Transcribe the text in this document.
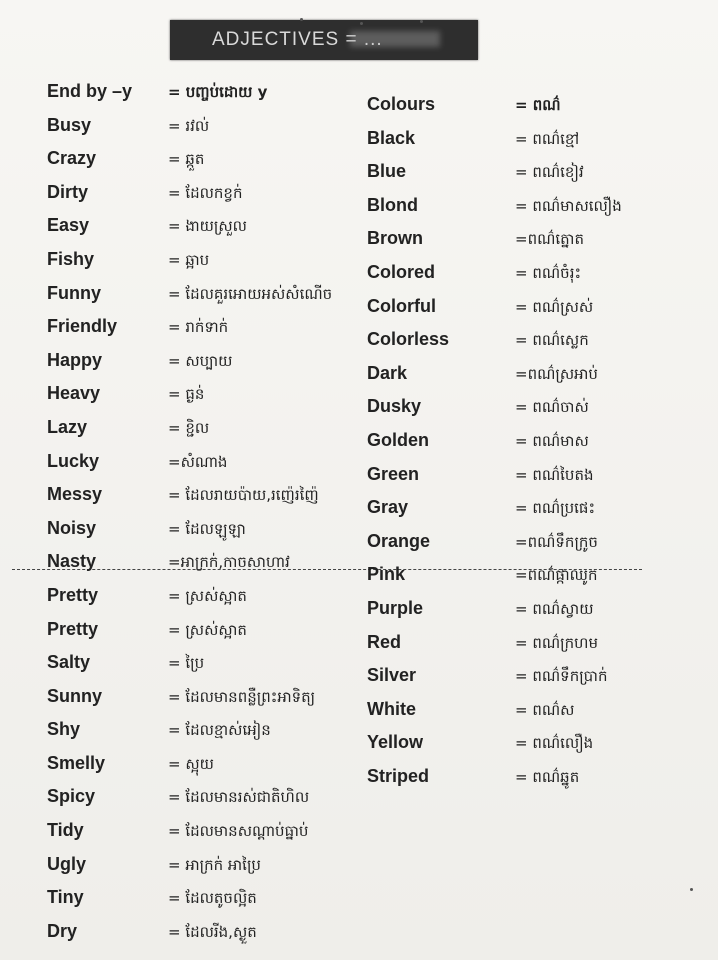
ADJECTIVES = ...
End by –y = បញ្ចប់ដោយ y
Busy	= រវល់
Crazy	= ឆ្កួត
Dirty	= ដែលកខ្វក់
Easy	= ងាយស្រួល
Fishy	= ឆ្អាប
Funny	= ដែលគួរអោយអស់សំណើច
Friendly	= រាក់ទាក់
Happy	= សប្បាយ
Heavy	= ធ្ងន់
Lazy	= ខ្ជិល
Lucky	=សំណាង
Messy	= ដែលរាយប៉ាយ,រញ៉េរញ៉ៃ
Noisy	= ដែលឡូឡា
Nasty	=អាក្រក់,កាចសាហាវ
Pretty	= ស្រស់ស្អាត
Pretty	= ស្រស់ស្អាត
Salty	= ប្រៃ
Sunny	= ដែលមានពន្លឺព្រះអាទិត្យ
Shy	= ដែលខ្មាស់អៀន
Smelly	= ស្អុយ
Spicy	= ដែលមានរស់ជាតិហិល
Tidy	= ដែលមានសណ្តាប់ធ្នាប់
Ugly	= អាក្រក់ អាប្រៃ
Tiny	= ដែលតូចល្អិត
Dry	= ដែលរីង,ស្ងួត
Colours	= ពណ៌
Black	= ពណ៌ខ្មៅ
Blue	= ពណ៌ខៀវ
Blond	= ពណ៌មាសលឿង
Brown	=ពណ៌ត្នោត
Colored	= ពណ៌ចំរុះ
Colorful	= ពណ៌ស្រស់
Colorless	= ពណ៌ស្លេក
Dark	=ពណ៌ស្រអាប់
Dusky	= ពណ៌ចាស់
Golden	= ពណ៌មាស
Green	= ពណ៌បៃតង
Gray	= ពណ៌ប្រផេះ
Orange	=ពណ៌ទឹកក្រូច
Pink	=ពណ៌ផ្កាឈូក
Purple	= ពណ៌ស្វាយ
Red	= ពណ៌ក្រហម
Silver	= ពណ៌ទឹកប្រាក់
White	= ពណ៌ស
Yellow	= ពណ៌លឿង
Striped	= ពណ៌ឆ្នូត
